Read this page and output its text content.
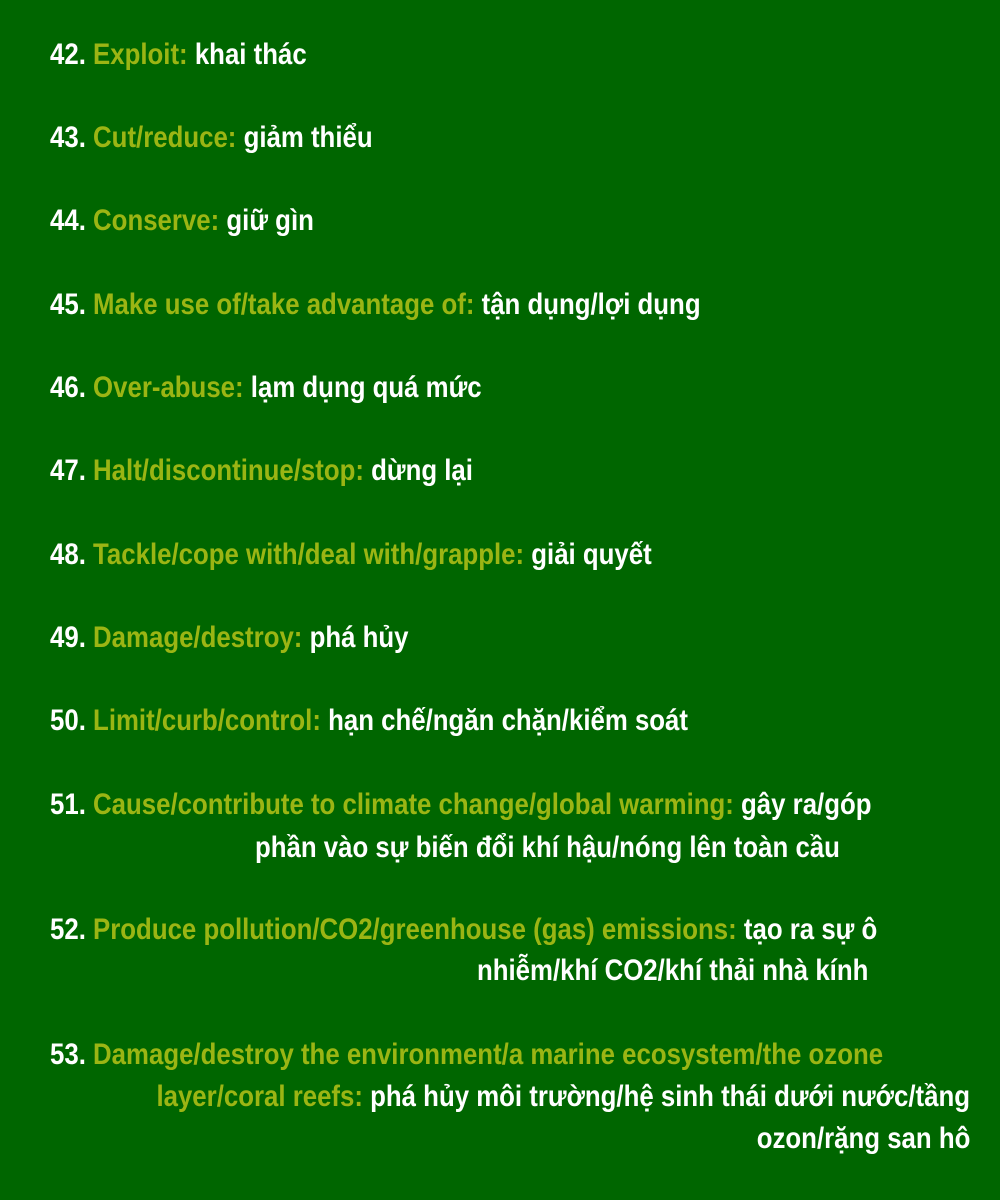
42. Exploit: khai thác
43. Cut/reduce: giảm thiểu
44. Conserve: giữ gìn
45. Make use of/take advantage of: tận dụng/lợi dụng
46. Over-abuse: lạm dụng quá mức
47. Halt/discontinue/stop: dừng lại
48. Tackle/cope with/deal with/grapple: giải quyết
49. Damage/destroy: phá hủy
50. Limit/curb/control: hạn chế/ngăn chặn/kiểm soát
51. Cause/contribute to climate change/global warming: gây ra/góp
phần vào sự biến đổi khí hậu/nóng lên toàn cầu
52. Produce pollution/CO2/greenhouse (gas) emissions: tạo ra sự ô
nhiễm/khí CO2/khí thải nhà kính
53. Damage/destroy the environment/a marine ecosystem/the ozone
layer/coral reefs: phá hủy môi trường/hệ sinh thái dưới nước/tầng
ozon/rặng san hô
